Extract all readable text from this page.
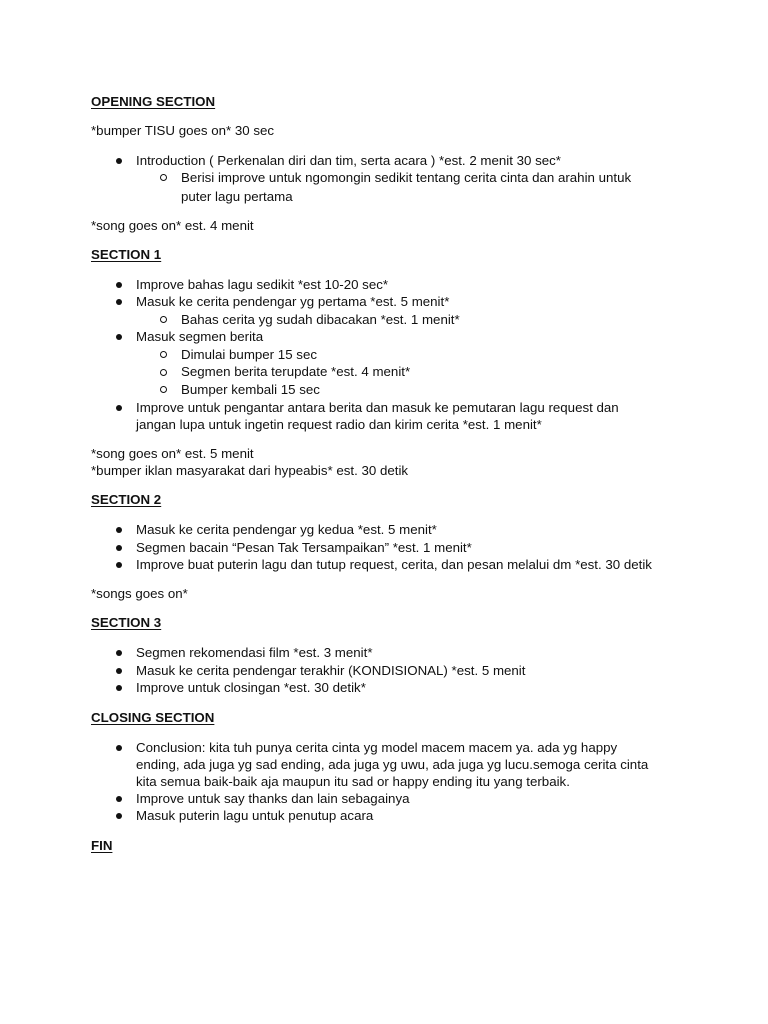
OPENING SECTION
*bumper TISU goes on* 30 sec
Introduction ( Perkenalan diri dan tim, serta acara ) *est. 2 menit 30 sec*
Berisi improve untuk ngomongin sedikit tentang cerita cinta dan arahin untuk
puter lagu pertama
*song goes on* est. 4 menit
SECTION 1
Improve bahas lagu sedikit *est 10-20 sec*
Masuk ke cerita pendengar yg pertama *est. 5 menit*
Bahas cerita yg sudah dibacakan *est. 1 menit*
Masuk segmen berita
Dimulai bumper 15 sec
Segmen berita terupdate *est. 4 menit*
Bumper kembali 15 sec
Improve untuk pengantar antara berita dan masuk ke pemutaran lagu request dan
jangan lupa untuk ingetin request radio dan kirim cerita *est. 1 menit*
*song goes on* est. 5 menit
*bumper iklan masyarakat dari hypeabis* est. 30 detik
SECTION 2
Masuk ke cerita pendengar yg kedua *est. 5 menit*
Segmen bacain “Pesan Tak Tersampaikan” *est. 1 menit*
Improve buat puterin lagu dan tutup request, cerita, dan pesan melalui dm *est. 30 detik
*songs goes on*
SECTION 3
Segmen rekomendasi film *est. 3 menit*
Masuk ke cerita pendengar terakhir (KONDISIONAL) *est. 5 menit
Improve untuk closingan *est. 30 detik*
CLOSING SECTION
Conclusion: kita tuh punya cerita cinta yg model macem macem ya. ada yg happy
ending, ada juga yg sad ending, ada juga yg uwu, ada juga yg lucu.semoga cerita cinta
kita semua baik-baik aja maupun itu sad or happy ending itu yang terbaik.
Improve untuk say thanks dan lain sebagainya
Masuk puterin lagu untuk penutup acara
FIN
